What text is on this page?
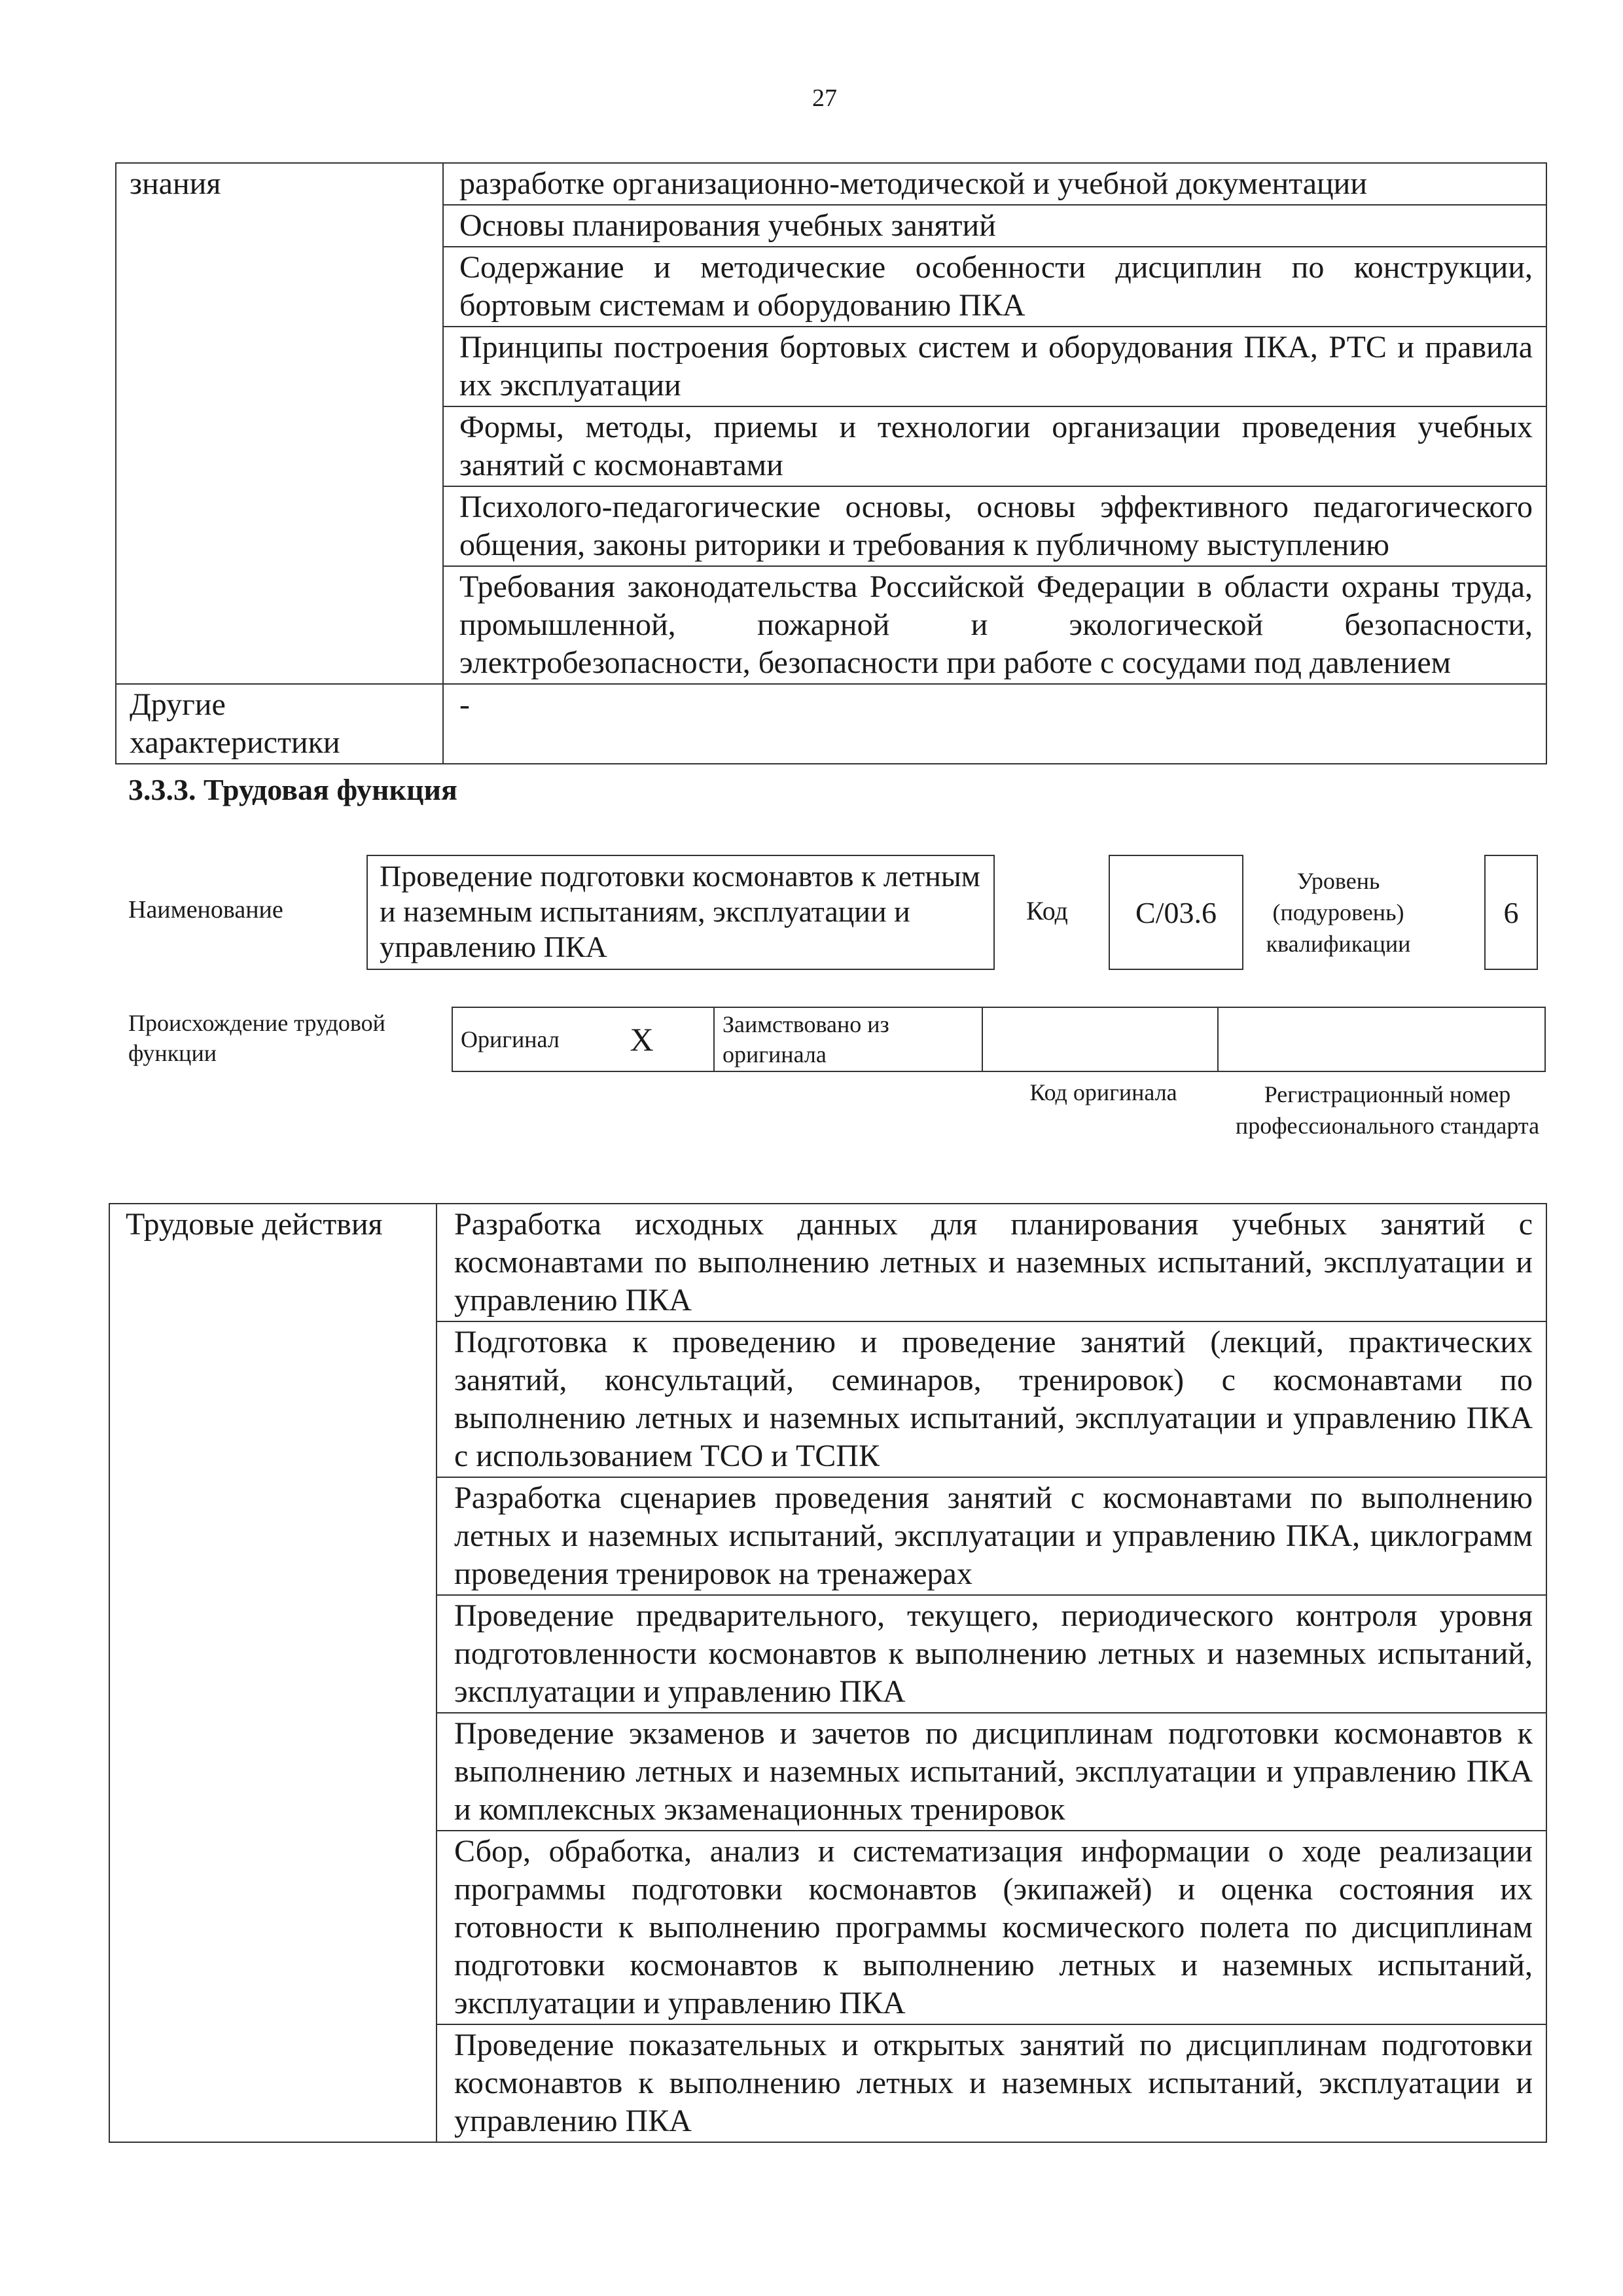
27
знания	разработке организационно-методической и учебной документации
	Основы планирования учебных занятий
	Содержание и методические особенности дисциплин по конструкции, бортовым системам и оборудованию ПКА
	Принципы построения бортовых систем и оборудования ПКА, РТС и правила их эксплуатации
	Формы, методы, приемы и технологии организации проведения учебных занятий с космонавтами
	Психолого-педагогические основы, основы эффективного педагогического общения, законы риторики и требования к публичному выступлению
	Требования законодательства Российской Федерации в области охраны труда, промышленной, пожарной и экологической безопасности, электробезопасности, безопасности при работе с сосудами под давлением
Другие характеристики	-
3.3.3. Трудовая функция
Наименование
Проведение подготовки космонавтов к летным и наземным испытаниям, эксплуатации и управлению ПКА
Код	С/03.6
Уровень (подуровень) квалификации
6
Происхождение трудовой функции
Оригинал	X	Заимствовано из оригинала		
Код оригинала	Регистрационный номер профессионального стандарта
Трудовые действия	Разработка исходных данных для планирования учебных занятий с космонавтами по выполнению летных и наземных испытаний, эксплуатации и управлению ПКА
Подготовка к проведению и проведение занятий (лекций, практических занятий, консультаций, семинаров, тренировок) с космонавтами по выполнению летных и наземных испытаний, эксплуатации и управлению ПКА с использованием ТСО и ТСПК
Разработка сценариев проведения занятий с космонавтами по выполнению летных и наземных испытаний, эксплуатации и управлению ПКА, циклограмм проведения тренировок на тренажерах
Проведение предварительного, текущего, периодического контроля уровня подготовленности космонавтов к выполнению летных и наземных испытаний, эксплуатации и управлению ПКА
Проведение экзаменов и зачетов по дисциплинам подготовки космонавтов к выполнению летных и наземных испытаний, эксплуатации и управлению ПКА и комплексных экзаменационных тренировок
Сбор, обработка, анализ и систематизация информации о ходе реализации программы подготовки космонавтов (экипажей) и оценка состояния их готовности к выполнению программы космического полета по дисциплинам подготовки космонавтов к выполнению летных и наземных испытаний, эксплуатации и управлению ПКА
Проведение показательных и открытых занятий по дисциплинам подготовки космонавтов к выполнению летных и наземных испытаний, эксплуатации и управлению ПКА
